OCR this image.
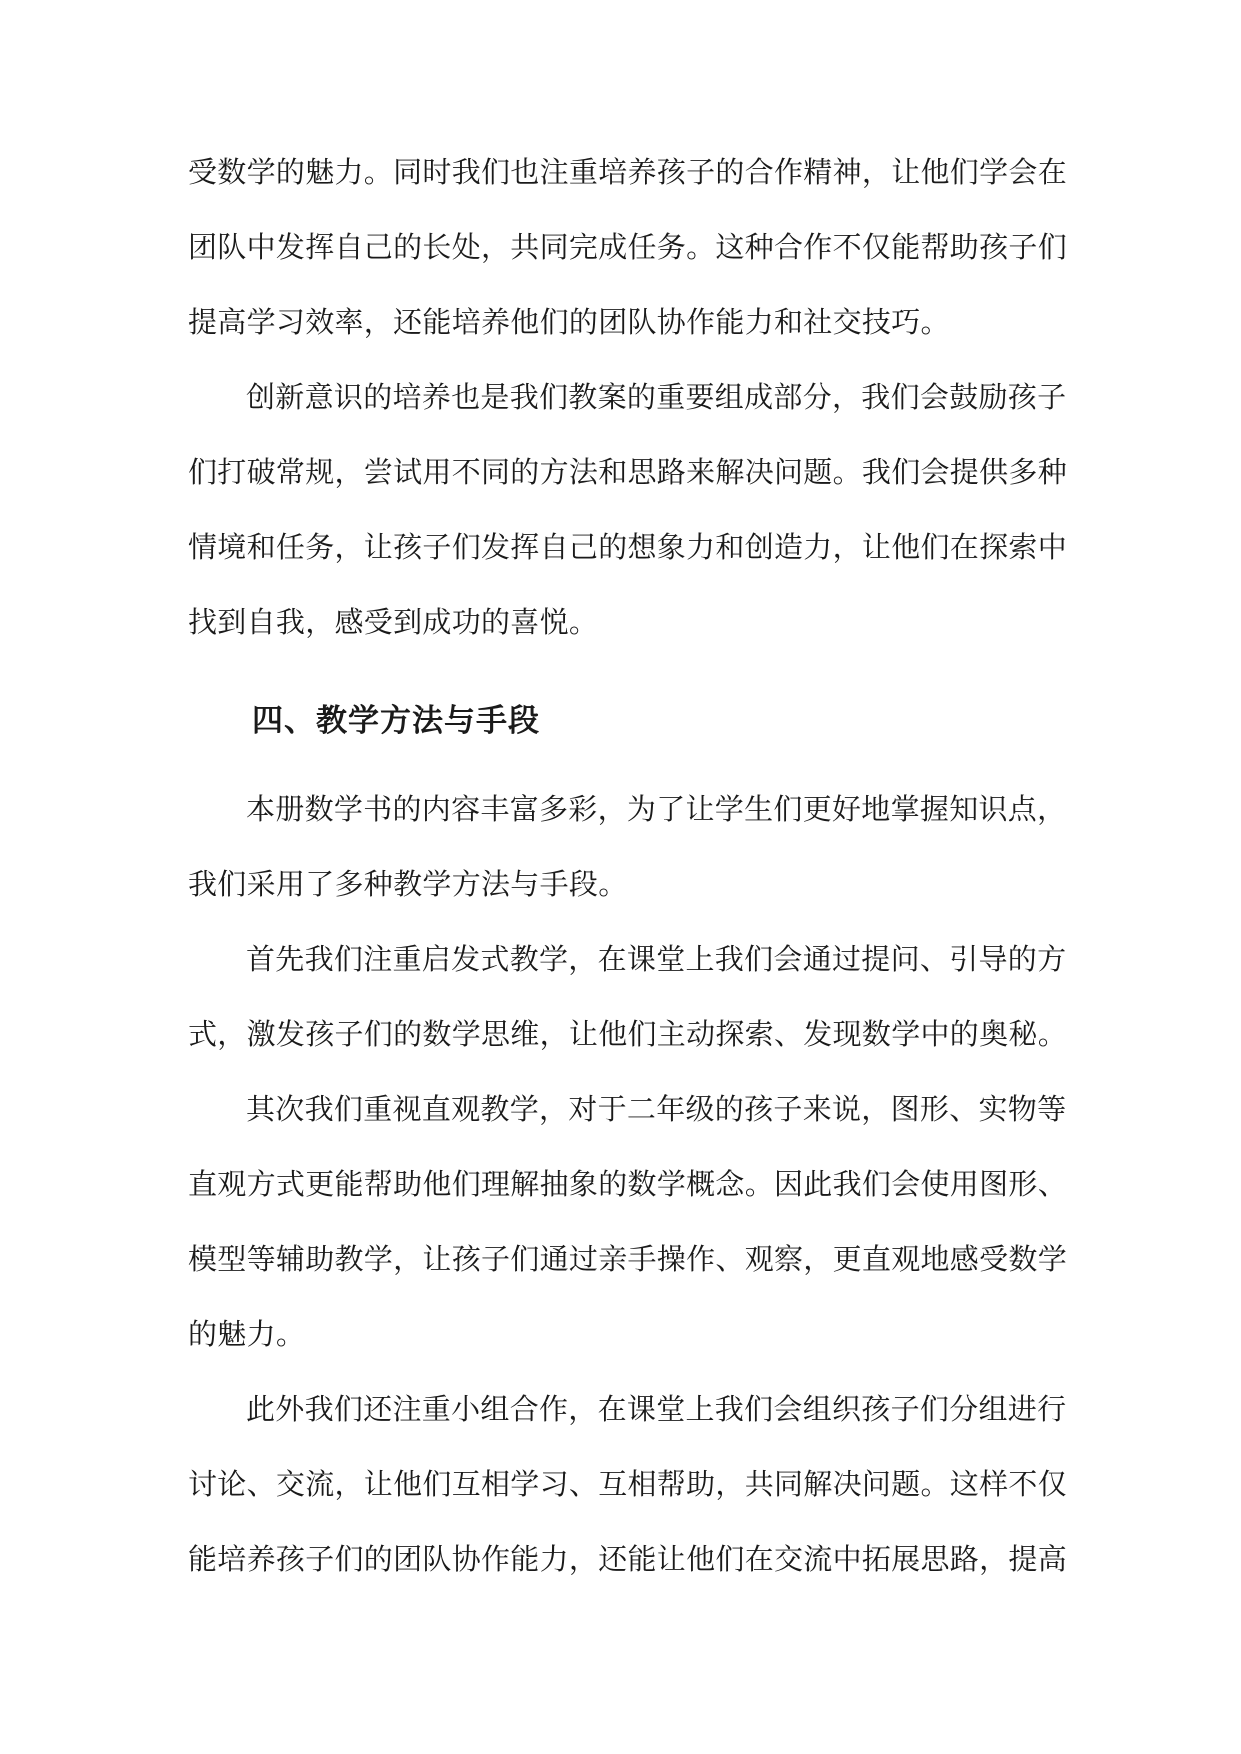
受数学的魅力。同时我们也注重培养孩子的合作精神，让他们学会在
团队中发挥自己的长处，共同完成任务。这种合作不仅能帮助孩子们
提高学习效率，还能培养他们的团队协作能力和社交技巧。
创新意识的培养也是我们教案的重要组成部分，我们会鼓励孩子
们打破常规，尝试用不同的方法和思路来解决问题。我们会提供多种
情境和任务，让孩子们发挥自己的想象力和创造力，让他们在探索中
找到自我，感受到成功的喜悦。
四、教学方法与手段
本册数学书的内容丰富多彩，为了让学生们更好地掌握知识点，
我们采用了多种教学方法与手段。
首先我们注重启发式教学，在课堂上我们会通过提问、引导的方
式，激发孩子们的数学思维，让他们主动探索、发现数学中的奥秘。
其次我们重视直观教学，对于二年级的孩子来说，图形、实物等
直观方式更能帮助他们理解抽象的数学概念。因此我们会使用图形、
模型等辅助教学，让孩子们通过亲手操作、观察，更直观地感受数学
的魅力。
此外我们还注重小组合作，在课堂上我们会组织孩子们分组进行
讨论、交流，让他们互相学习、互相帮助，共同解决问题。这样不仅
能培养孩子们的团队协作能力，还能让他们在交流中拓展思路，提高
